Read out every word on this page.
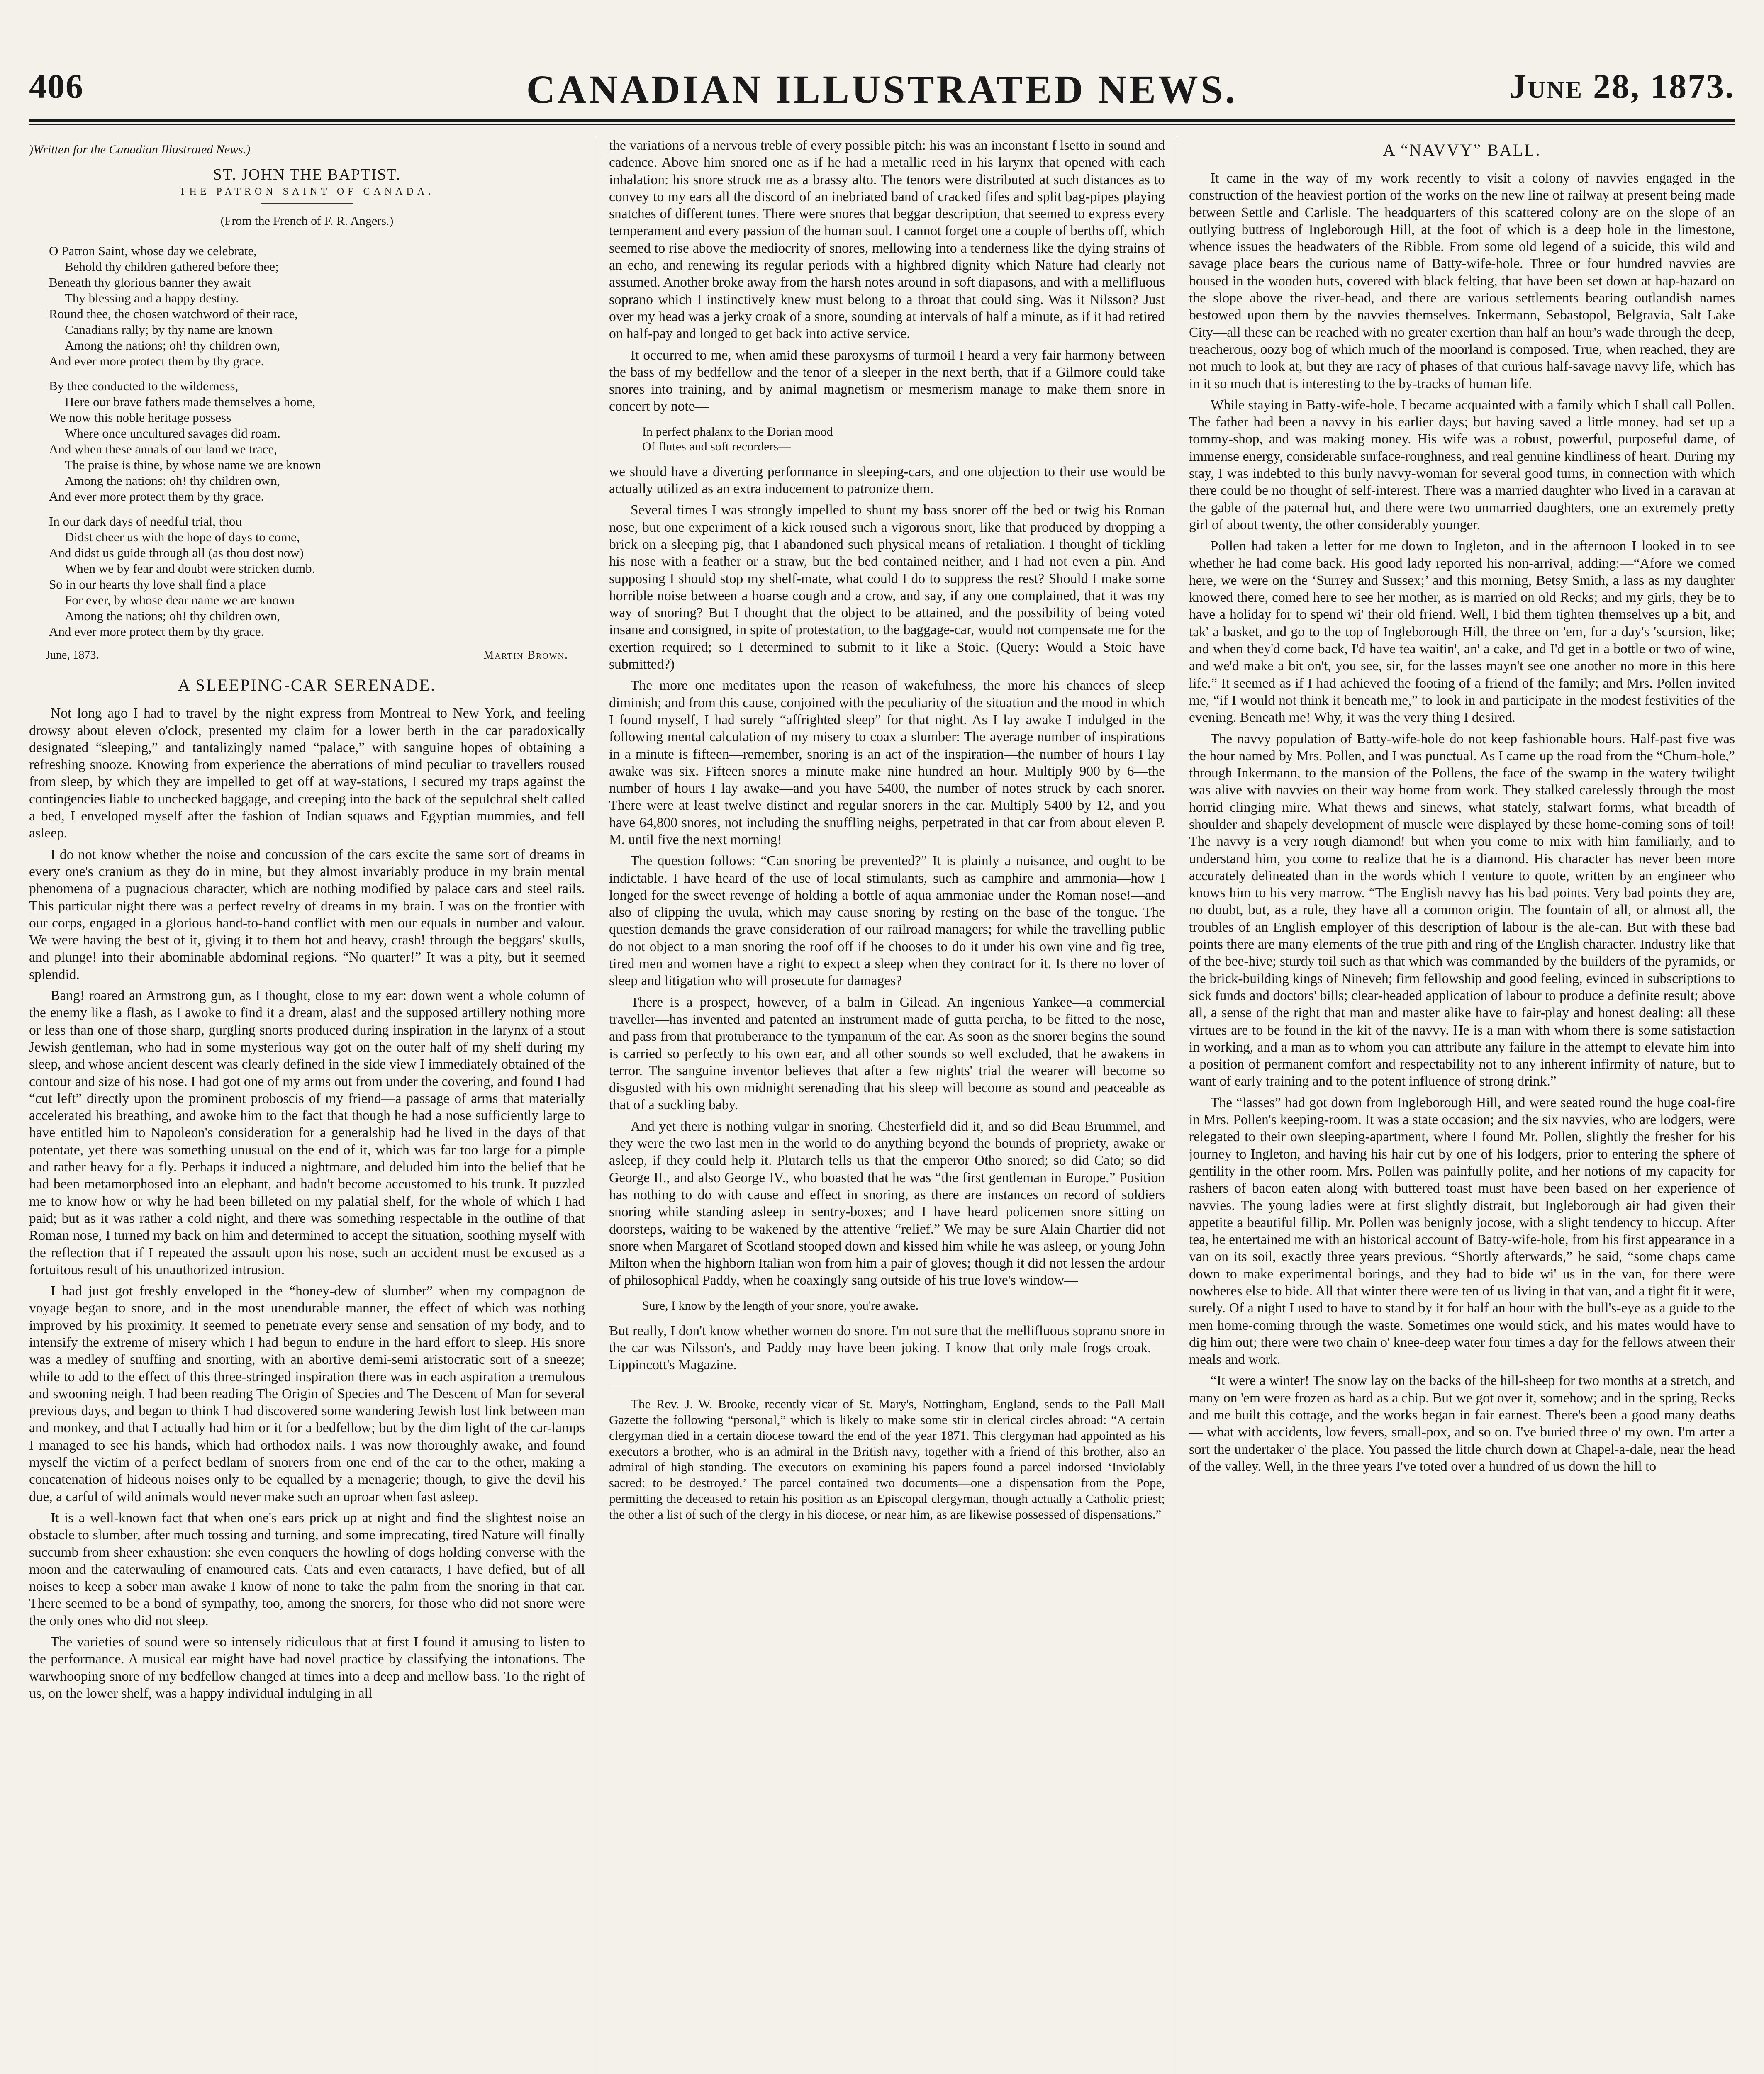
406	CANADIAN ILLUSTRATED NEWS.	June 28, 1873.

)Written for the Canadian Illustrated News.)

ST. JOHN THE BAPTIST.
THE PATRON SAINT OF CANADA.
(From the French of F. R. Angers.)
O Patron Saint, whose day we celebrate,
Behold thy children gathered before thee;
Beneath thy glorious banner they await
Thy blessing and a happy destiny.
Round thee, the chosen watchword of their race,
Canadians rally; by thy name are known
Among the nations; oh! thy children own,
And ever more protect them by thy grace.
By thee conducted to the wilderness,
Here our brave fathers made themselves a home,
We now this noble heritage possess—
Where once uncultured savages did roam.
And when these annals of our land we trace,
The praise is thine, by whose name we are known
Among the nations: oh! thy children own,
And ever more protect them by thy grace.
In our dark days of needful trial, thou
Didst cheer us with the hope of days to come,
And didst us guide through all (as thou dost now)
When we by fear and doubt were stricken dumb.
So in our hearts thy love shall find a place
For ever, by whose dear name we are known
Among the nations; oh! thy children own,
And ever more protect them by thy grace.
June, 1873.	Martin Brown.
A SLEEPING-CAR SERENADE.

Not long ago I had to travel by the night express from Montreal to New York, and feeling drowsy about eleven o'clock, presented my claim for a lower berth in the car paradoxically designated “sleeping,” and tantalizingly named “palace,” with sanguine hopes of obtaining a refreshing snooze. Knowing from experience the aberrations of mind peculiar to travellers roused from sleep, by which they are impelled to get off at way-stations, I secured my traps against the contingencies liable to unchecked baggage, and creeping into the back of the sepulchral shelf called a bed, I enveloped myself after the fashion of Indian squaws and Egyptian mummies, and fell asleep.

I do not know whether the noise and concussion of the cars excite the same sort of dreams in every one's cranium as they do in mine, but they almost invariably produce in my brain mental phenomena of a pugnacious character, which are nothing modified by palace cars and steel rails. This particular night there was a perfect revelry of dreams in my brain. I was on the frontier with our corps, engaged in a glorious hand-to-hand conflict with men our equals in number and valour. We were having the best of it, giving it to them hot and heavy, crash! through the beggars' skulls, and plunge! into their abominable abdominal regions. “No quarter!” It was a pity, but it seemed splendid.

Bang! roared an Armstrong gun, as I thought, close to my ear: down went a whole column of the enemy like a flash, as I awoke to find it a dream, alas! and the supposed artillery nothing more or less than one of those sharp, gurgling snorts produced during inspiration in the larynx of a stout Jewish gentleman, who had in some mysterious way got on the outer half of my shelf during my sleep, and whose ancient descent was clearly defined in the side view I immediately obtained of the contour and size of his nose. I had got one of my arms out from under the covering, and found I had “cut left” directly upon the prominent proboscis of my friend—a passage of arms that materially accelerated his breathing, and awoke him to the fact that though he had a nose sufficiently large to have entitled him to Napoleon's consideration for a generalship had he lived in the days of that potentate, yet there was something unusual on the end of it, which was far too large for a pimple and rather heavy for a fly. Perhaps it induced a nightmare, and deluded him into the belief that he had been metamorphosed into an elephant, and hadn't become accustomed to his trunk. It puzzled me to know how or why he had been billeted on my palatial shelf, for the whole of which I had paid; but as it was rather a cold night, and there was something respectable in the outline of that Roman nose, I turned my back on him and determined to accept the situation, soothing myself with the reflection that if I repeated the assault upon his nose, such an accident must be excused as a fortuitous result of his unauthorized intrusion.

I had just got freshly enveloped in the “honey-dew of slumber” when my compagnon de voyage began to snore, and in the most unendurable manner, the effect of which was nothing improved by his proximity. It seemed to penetrate every sense and sensation of my body, and to intensify the extreme of misery which I had begun to endure in the hard effort to sleep. His snore was a medley of snuffing and snorting, with an abortive demi-semi aristocratic sort of a sneeze; while to add to the effect of this three-stringed inspiration there was in each aspiration a tremulous and swooning neigh. I had been reading The Origin of Species and The Descent of Man for several previous days, and began to think I had discovered some wandering Jewish lost link between man and monkey, and that I actually had him or it for a bedfellow; but by the dim light of the car-lamps I managed to see his hands, which had orthodox nails. I was now thoroughly awake, and found myself the victim of a perfect bedlam of snorers from one end of the car to the other, making a concatenation of hideous noises only to be equalled by a menagerie; though, to give the devil his due, a carful of wild animals would never make such an uproar when fast asleep.

It is a well-known fact that when one's ears prick up at night and find the slightest noise an obstacle to slumber, after much tossing and turning, and some imprecating, tired Nature will finally succumb from sheer exhaustion: she even conquers the howling of dogs holding converse with the moon and the caterwauling of enamoured cats. Cats and even cataracts, I have defied, but of all noises to keep a sober man awake I know of none to take the palm from the snoring in that car. There seemed to be a bond of sympathy, too, among the snorers, for those who did not snore were the only ones who did not sleep.

The varieties of sound were so intensely ridiculous that at first I found it amusing to listen to the performance. A musical ear might have had novel practice by classifying the intonations. The warwhooping snore of my bedfellow changed at times into a deep and mellow bass. To the right of us, on the lower shelf, was a happy individual indulging in all

the variations of a nervous treble of every possible pitch: his was an inconstant f lsetto in sound and cadence. Above him snored one as if he had a metallic reed in his larynx that opened with each inhalation: his snore struck me as a brassy alto. The tenors were distributed at such distances as to convey to my ears all the discord of an inebriated band of cracked fifes and split bag-pipes playing snatches of different tunes. There were snores that beggar description, that seemed to express every temperament and every passion of the human soul. I cannot forget one a couple of berths off, which seemed to rise above the mediocrity of snores, mellowing into a tenderness like the dying strains of an echo, and renewing its regular periods with a highbred dignity which Nature had clearly not assumed. Another broke away from the harsh notes around in soft diapasons, and with a mellifluous soprano which I instinctively knew must belong to a throat that could sing. Was it Nilsson? Just over my head was a jerky croak of a snore, sounding at intervals of half a minute, as if it had retired on half-pay and longed to get back into active service.

It occurred to me, when amid these paroxysms of turmoil I heard a very fair harmony between the bass of my bedfellow and the tenor of a sleeper in the next berth, that if a Gilmore could take snores into training, and by animal magnetism or mesmerism manage to make them snore in concert by note—

In perfect phalanx to the Dorian mood
Of flutes and soft recorders—

we should have a diverting performance in sleeping-cars, and one objection to their use would be actually utilized as an extra inducement to patronize them.

Several times I was strongly impelled to shunt my bass snorer off the bed or twig his Roman nose, but one experiment of a kick roused such a vigorous snort, like that produced by dropping a brick on a sleeping pig, that I abandoned such physical means of retaliation. I thought of tickling his nose with a feather or a straw, but the bed contained neither, and I had not even a pin. And supposing I should stop my shelf-mate, what could I do to suppress the rest? Should I make some horrible noise between a hoarse cough and a crow, and say, if any one complained, that it was my way of snoring? But I thought that the object to be attained, and the possibility of being voted insane and consigned, in spite of protestation, to the baggage-car, would not compensate me for the exertion required; so I determined to submit to it like a Stoic. (Query: Would a Stoic have submitted?)

The more one meditates upon the reason of wakefulness, the more his chances of sleep diminish; and from this cause, conjoined with the peculiarity of the situation and the mood in which I found myself, I had surely “affrighted sleep” for that night. As I lay awake I indulged in the following mental calculation of my misery to coax a slumber: The average number of inspirations in a minute is fifteen—remember, snoring is an act of the inspiration—the number of hours I lay awake was six. Fifteen snores a minute make nine hundred an hour. Multiply 900 by 6—the number of hours I lay awake—and you have 5400, the number of notes struck by each snorer. There were at least twelve distinct and regular snorers in the car. Multiply 5400 by 12, and you have 64,800 snores, not including the snuffling neighs, perpetrated in that car from about eleven P. M. until five the next morning!

The question follows: “Can snoring be prevented?” It is plainly a nuisance, and ought to be indictable. I have heard of the use of local stimulants, such as camphire and ammonia—how I longed for the sweet revenge of holding a bottle of aqua ammoniae under the Roman nose!—and also of clipping the uvula, which may cause snoring by resting on the base of the tongue. The question demands the grave consideration of our railroad managers; for while the travelling public do not object to a man snoring the roof off if he chooses to do it under his own vine and fig tree, tired men and women have a right to expect a sleep when they contract for it. Is there no lover of sleep and litigation who will prosecute for damages?

There is a prospect, however, of a balm in Gilead. An ingenious Yankee—a commercial traveller—has invented and patented an instrument made of gutta percha, to be fitted to the nose, and pass from that protuberance to the tympanum of the ear. As soon as the snorer begins the sound is carried so perfectly to his own ear, and all other sounds so well excluded, that he awakens in terror. The sanguine inventor believes that after a few nights' trial the wearer will become so disgusted with his own midnight serenading that his sleep will become as sound and peaceable as that of a suckling baby.

And yet there is nothing vulgar in snoring. Chesterfield did it, and so did Beau Brummel, and they were the two last men in the world to do anything beyond the bounds of propriety, awake or asleep, if they could help it. Plutarch tells us that the emperor Otho snored; so did Cato; so did George II., and also George IV., who boasted that he was “the first gentleman in Europe.” Position has nothing to do with cause and effect in snoring, as there are instances on record of soldiers snoring while standing asleep in sentry-boxes; and I have heard policemen snore sitting on doorsteps, waiting to be wakened by the attentive “relief.” We may be sure Alain Chartier did not snore when Margaret of Scotland stooped down and kissed him while he was asleep, or young John Milton when the highborn Italian won from him a pair of gloves; though it did not lessen the ardour of philosophical Paddy, when he coaxingly sang outside of his true love's window—

Sure, I know by the length of your snore, you're awake.

But really, I don't know whether women do snore. I'm not sure that the mellifluous soprano snore in the car was Nilsson's, and Paddy may have been joking. I know that only male frogs croak.—Lippincott's Magazine.

The Rev. J. W. Brooke, recently vicar of St. Mary's, Nottingham, England, sends to the Pall Mall Gazette the following “personal,” which is likely to make some stir in clerical circles abroad: “A certain clergyman died in a certain diocese toward the end of the year 1871. This clergyman had appointed as his executors a brother, who is an admiral in the British navy, together with a friend of this brother, also an admiral of high standing. The executors on examining his papers found a parcel indorsed ‘Inviolably sacred: to be destroyed.’ The parcel contained two documents—one a dispensation from the Pope, permitting the deceased to retain his position as an Episcopal clergyman, though actually a Catholic priest; the other a list of such of the clergy in his diocese, or near him, as are likewise possessed of dispensations.”

A “NAVVY” BALL.

It came in the way of my work recently to visit a colony of navvies engaged in the construction of the heaviest portion of the works on the new line of railway at present being made between Settle and Carlisle. The headquarters of this scattered colony are on the slope of an outlying buttress of Ingleborough Hill, at the foot of which is a deep hole in the limestone, whence issues the headwaters of the Ribble. From some old legend of a suicide, this wild and savage place bears the curious name of Batty-wife-hole. Three or four hundred navvies are housed in the wooden huts, covered with black felting, that have been set down at hap-hazard on the slope above the river-head, and there are various settlements bearing outlandish names bestowed upon them by the navvies themselves. Inkermann, Sebastopol, Belgravia, Salt Lake City—all these can be reached with no greater exertion than half an hour's wade through the deep, treacherous, oozy bog of which much of the moorland is composed. True, when reached, they are not much to look at, but they are racy of phases of that curious half-savage navvy life, which has in it so much that is interesting to the by-tracks of human life.

While staying in Batty-wife-hole, I became acquainted with a family which I shall call Pollen. The father had been a navvy in his earlier days; but having saved a little money, had set up a tommy-shop, and was making money. His wife was a robust, powerful, purposeful dame, of immense energy, considerable surface-roughness, and real genuine kindliness of heart. During my stay, I was indebted to this burly navvy-woman for several good turns, in connection with which there could be no thought of self-interest. There was a married daughter who lived in a caravan at the gable of the paternal hut, and there were two unmarried daughters, one an extremely pretty girl of about twenty, the other considerably younger.

Pollen had taken a letter for me down to Ingleton, and in the afternoon I looked in to see whether he had come back. His good lady reported his non-arrival, adding:—“Afore we comed here, we were on the ‘Surrey and Sussex;’ and this morning, Betsy Smith, a lass as my daughter knowed there, comed here to see her mother, as is married on old Recks; and my girls, they be to have a holiday for to spend wi' their old friend. Well, I bid them tighten themselves up a bit, and tak' a basket, and go to the top of Ingleborough Hill, the three on 'em, for a day's 'scursion, like; and when they'd come back, I'd have tea waitin', an' a cake, and I'd get in a bottle or two of wine, and we'd make a bit on't, you see, sir, for the lasses mayn't see one another no more in this here life.” It seemed as if I had achieved the footing of a friend of the family; and Mrs. Pollen invited me, “if I would not think it beneath me,” to look in and participate in the modest festivities of the evening. Beneath me! Why, it was the very thing I desired.

The navvy population of Batty-wife-hole do not keep fashionable hours. Half-past five was the hour named by Mrs. Pollen, and I was punctual. As I came up the road from the “Chum-hole,” through Inkermann, to the mansion of the Pollens, the face of the swamp in the watery twilight was alive with navvies on their way home from work. They stalked carelessly through the most horrid clinging mire. What thews and sinews, what stately, stalwart forms, what breadth of shoulder and shapely development of muscle were displayed by these home-coming sons of toil! The navvy is a very rough diamond! but when you come to mix with him familiarly, and to understand him, you come to realize that he is a diamond. His character has never been more accurately delineated than in the words which I venture to quote, written by an engineer who knows him to his very marrow. “The English navvy has his bad points. Very bad points they are, no doubt, but, as a rule, they have all a common origin. The fountain of all, or almost all, the troubles of an English employer of this description of labour is the ale-can. But with these bad points there are many elements of the true pith and ring of the English character. Industry like that of the bee-hive; sturdy toil such as that which was commanded by the builders of the pyramids, or the brick-building kings of Nineveh; firm fellowship and good feeling, evinced in subscriptions to sick funds and doctors' bills; clear-headed application of labour to produce a definite result; above all, a sense of the right that man and master alike have to fair-play and honest dealing: all these virtues are to be found in the kit of the navvy. He is a man with whom there is some satisfaction in working, and a man as to whom you can attribute any failure in the attempt to elevate him into a position of permanent comfort and respectability not to any inherent infirmity of nature, but to want of early training and to the potent influence of strong drink.”

The “lasses” had got down from Ingleborough Hill, and were seated round the huge coal-fire in Mrs. Pollen's keeping-room. It was a state occasion; and the six navvies, who are lodgers, were relegated to their own sleeping-apartment, where I found Mr. Pollen, slightly the fresher for his journey to Ingleton, and having his hair cut by one of his lodgers, prior to entering the sphere of gentility in the other room. Mrs. Pollen was painfully polite, and her notions of my capacity for rashers of bacon eaten along with buttered toast must have been based on her experience of navvies. The young ladies were at first slightly distrait, but Ingleborough air had given their appetite a beautiful fillip. Mr. Pollen was benignly jocose, with a slight tendency to hiccup. After tea, he entertained me with an historical account of Batty-wife-hole, from his first appearance in a van on its soil, exactly three years previous. “Shortly afterwards,” he said, “some chaps came down to make experimental borings, and they had to bide wi' us in the van, for there were nowheres else to bide. All that winter there were ten of us living in that van, and a tight fit it were, surely. Of a night I used to have to stand by it for half an hour with the bull's-eye as a guide to the men home-coming through the waste. Sometimes one would stick, and his mates would have to dig him out; there were two chain o' knee-deep water four times a day for the fellows atween their meals and work.

“It were a winter! The snow lay on the backs of the hill-sheep for two months at a stretch, and many on 'em were frozen as hard as a chip. But we got over it, somehow; and in the spring, Recks and me built this cottage, and the works began in fair earnest. There's been a good many deaths — what with accidents, low fevers, small-pox, and so on. I've buried three o' my own. I'm arter a sort the undertaker o' the place. You passed the little church down at Chapel-a-dale, near the head of the valley. Well, in the three years I've toted over a hundred of us down the hill to
